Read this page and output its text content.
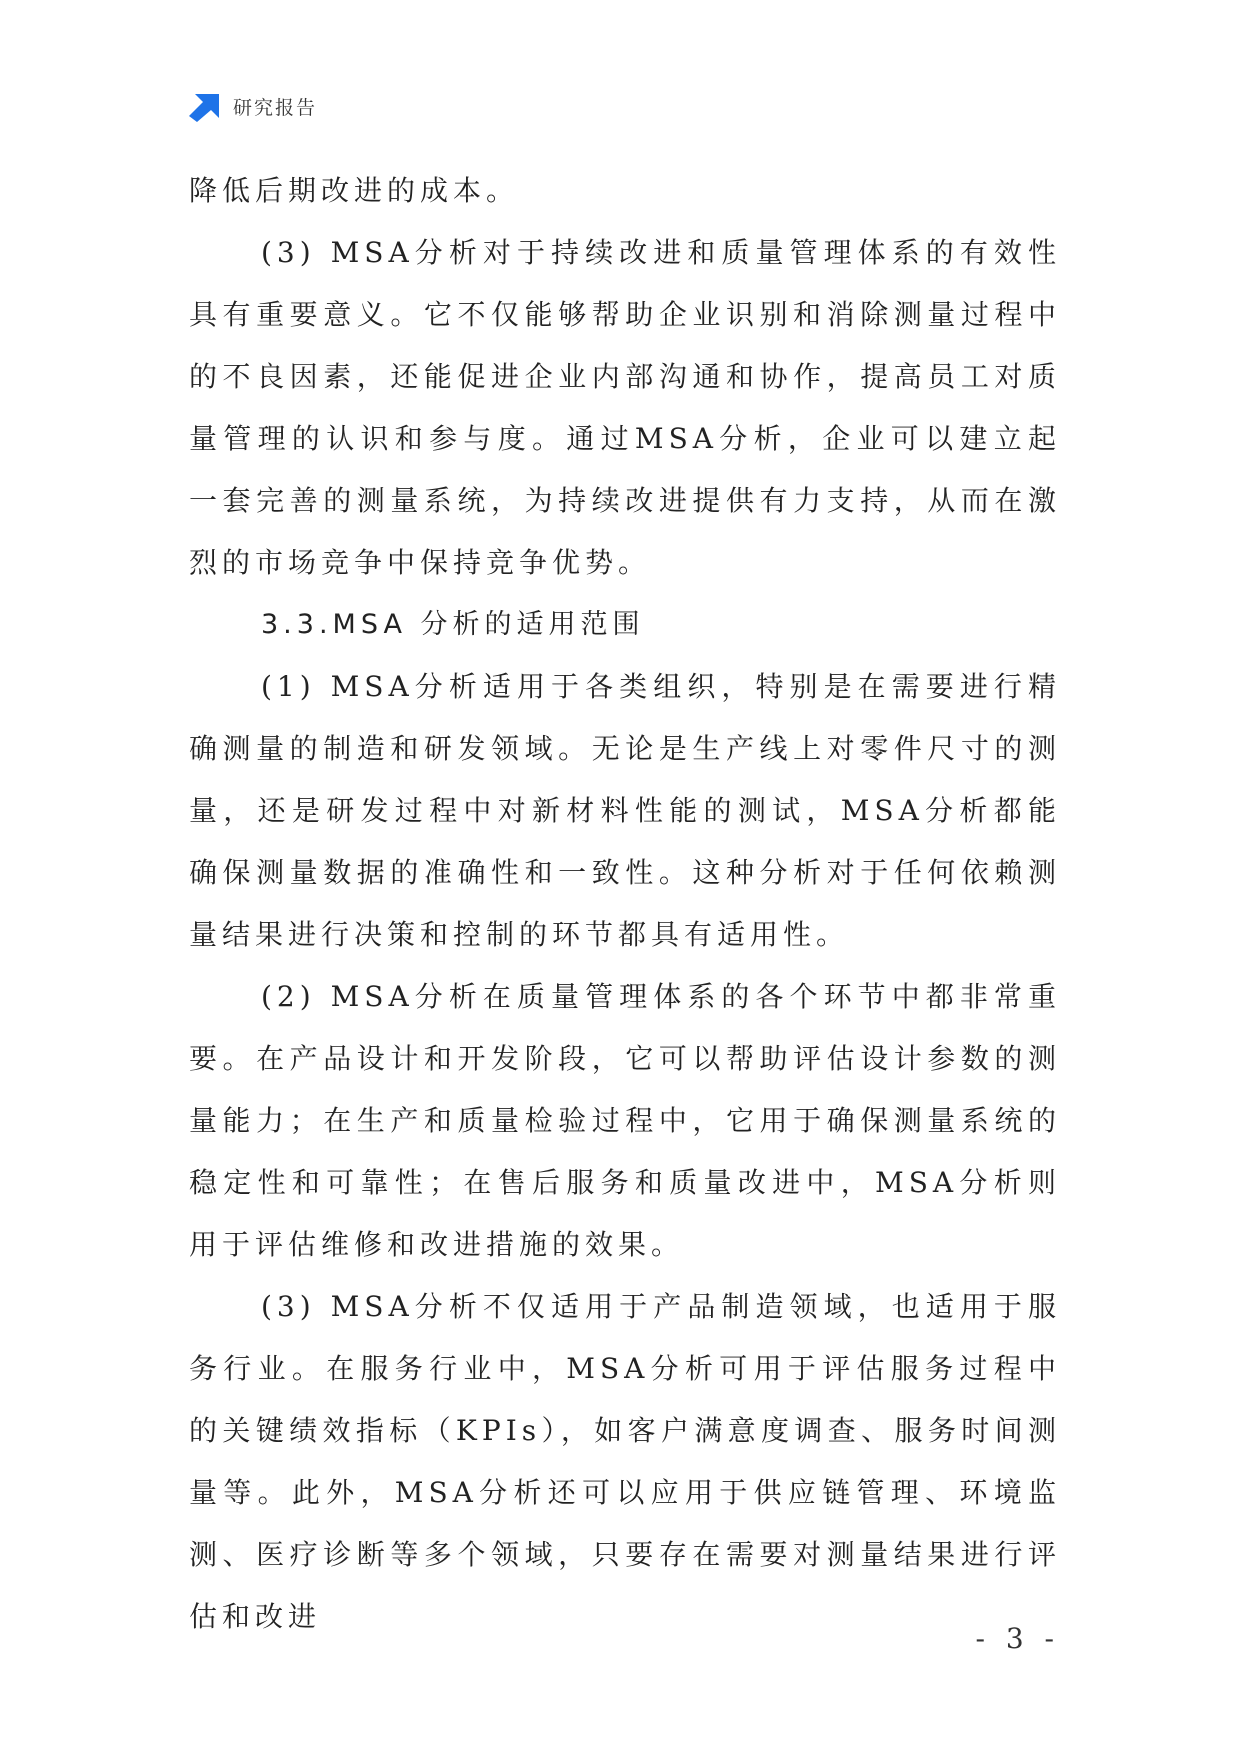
研究报告

降低后期改进的成本。

(3) MSA分析对于持续改进和质量管理体系的有效性具有重要意义。它不仅能够帮助企业识别和消除测量过程中的不良因素，还能促进企业内部沟通和协作，提高员工对质量管理的认识和参与度。通过MSA分析，企业可以建立起一套完善的测量系统，为持续改进提供有力支持，从而在激烈的市场竞争中保持竞争优势。

3.3.MSA 分析的适用范围

(1) MSA分析适用于各类组织，特别是在需要进行精确测量的制造和研发领域。无论是生产线上对零件尺寸的测量，还是研发过程中对新材料性能的测试，MSA分析都能确保测量数据的准确性和一致性。这种分析对于任何依赖测量结果进行决策和控制的环节都具有适用性。

(2) MSA分析在质量管理体系的各个环节中都非常重要。在产品设计和开发阶段，它可以帮助评估设计参数的测量能力；在生产和质量检验过程中，它用于确保测量系统的稳定性和可靠性；在售后服务和质量改进中，MSA分析则用于评估维修和改进措施的效果。

(3) MSA分析不仅适用于产品制造领域，也适用于服务行业。在服务行业中，MSA分析可用于评估服务过程中的关键绩效指标（KPIs），如客户满意度调查、服务时间测量等。此外，MSA分析还可以应用于供应链管理、环境监测、医疗诊断等多个领域，只要存在需要对测量结果进行评估和改进

- 3 -
